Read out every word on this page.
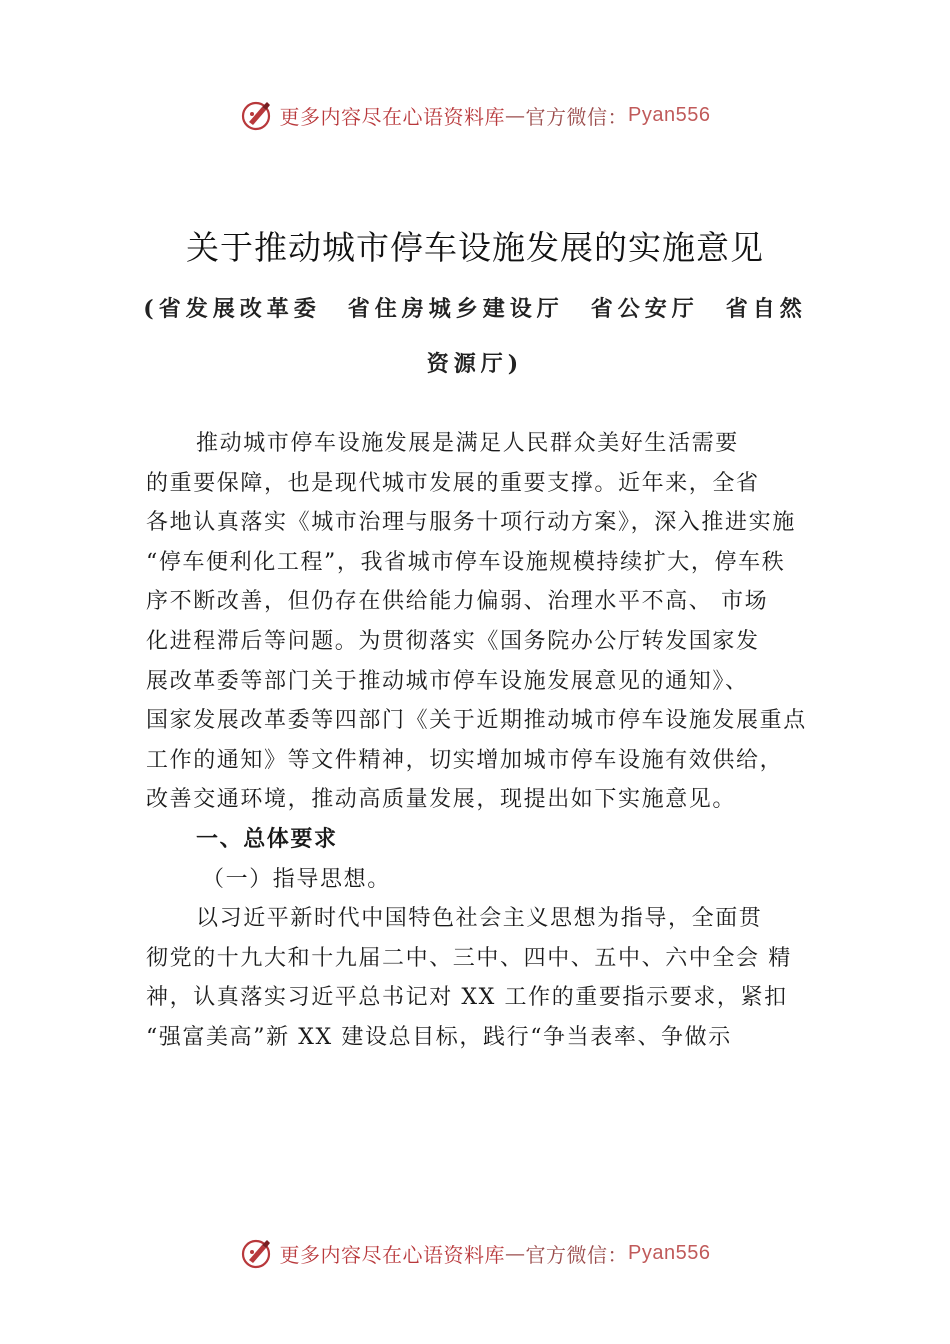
更多内容尽在心语资料库 — 官方微信： Pyan556
关于推动城市停车设施发展的实施意见
(省发展改革委　省住房城乡建设厅　省公安厅　省自然
资源厅)
推动城市停车设施发展是满足人民群众美好生活需要
的重要保障，也是现代城市发展的重要支撑。近年来，全省
各地认真落实《城市治理与服务十项行动方案》，深入推进实施
“停车便利化工程”，我省城市停车设施规模持续扩大，停车秩
序不断改善，但仍存在供给能力偏弱、治理水平不高、 市场
化进程滞后等问题。为贯彻落实《国务院办公厅转发国家发
展改革委等部门关于推动城市停车设施发展意见的通知》、
国家发展改革委等四部门《关于近期推动城市停车设施发展重点
工作的通知》等文件精神，切实增加城市停车设施有效供给，
改善交通环境，推动高质量发展，现提出如下实施意见。
一、总体要求
（一）指导思想。
以习近平新时代中国特色社会主义思想为指导，全面贯
彻党的十九大和十九届二中、三中、四中、五中、六中全会 精
神，认真落实习近平总书记对 XX 工作的重要指示要求，紧扣
“强富美高”新 XX 建设总目标，践行“争当表率、争做示
更多内容尽在心语资料库 — 官方微信： Pyan556
